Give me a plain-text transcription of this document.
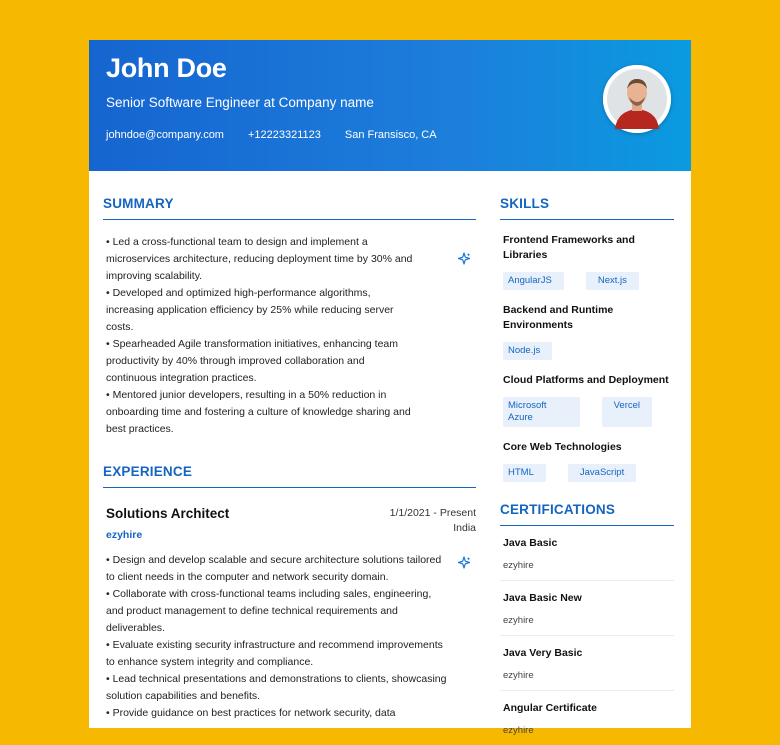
John Doe
Senior Software Engineer at Company name
johndoe@company.com +12223321123 San Fransisco, CA
SUMMARY
• Led a cross-functional team to design and implement a microservices architecture, reducing deployment time by 30% and improving scalability.
• Developed and optimized high-performance algorithms, increasing application efficiency by 25% while reducing server costs.
• Spearheaded Agile transformation initiatives, enhancing team productivity by 40% through improved collaboration and continuous integration practices.
• Mentored junior developers, resulting in a 50% reduction in onboarding time and fostering a culture of knowledge sharing and best practices.
EXPERIENCE
Solutions Architect
ezyhire
1/1/2021 - Present
India
• Design and develop scalable and secure architecture solutions tailored to client needs in the computer and network security domain.
• Collaborate with cross-functional teams including sales, engineering, and product management to define technical requirements and deliverables.
• Evaluate existing security infrastructure and recommend improvements to enhance system integrity and compliance.
• Lead technical presentations and demonstrations to clients, showcasing solution capabilities and benefits.
• Provide guidance on best practices for network security, data
SKILLS
Frontend Frameworks and Libraries
AngularJS	Next.js
Backend and Runtime Environments
Node.js
Cloud Platforms and Deployment
Microsoft Azure
Vercel
Core Web Technologies
HTML	JavaScript
CERTIFICATIONS
Java Basic
ezyhire
Java Basic New
ezyhire
Java Very Basic
ezyhire
Angular Certificate
ezyhire
